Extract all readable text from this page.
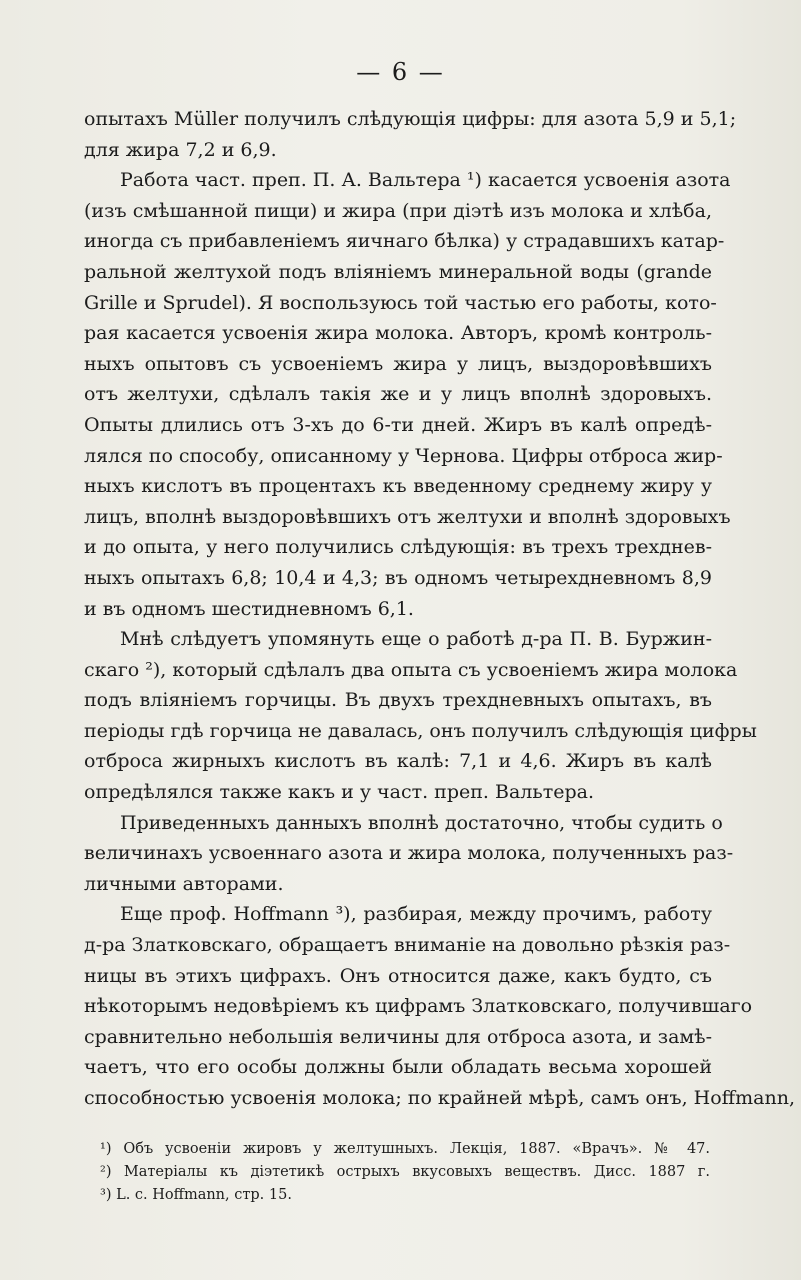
— 6 —
опытахъ Müller получилъ слѣдующія цифры: для азота 5,9 и 5,1;
для жира 7,2 и 6,9.
Работа част. преп. П. А. Вальтера ¹) касается усвоенія азота
(изъ смѣшанной пищи) и жира (при діэтѣ изъ молока и хлѣба,
иногда съ прибавленіемъ яичнаго бѣлка) у страдавшихъ катар-
ральной желтухой подъ вліяніемъ минеральной воды (grande
Grille и Sprudel). Я воспользуюсь той частью его работы, кото-
рая касается усвоенія жира молока. Авторъ, кромѣ контроль-
ныхъ опытовъ съ усвоеніемъ жира у лицъ, выздоровѣвшихъ
отъ желтухи, сдѣлалъ такія же и у лицъ вполнѣ здоровыхъ.
Опыты длились отъ 3-хъ до 6-ти дней. Жиръ въ калѣ опредѣ-
лялся по способу, описанному у Чернова. Цифры отброса жир-
ныхъ кислотъ въ процентахъ къ введенному среднему жиру у
лицъ, вполнѣ выздоровѣвшихъ отъ желтухи и вполнѣ здоровыхъ
и до опыта, у него получились слѣдующія: въ трехъ трехднев-
ныхъ опытахъ 6,8; 10,4 и 4,3; въ одномъ четырехдневномъ 8,9
и въ одномъ шестидневномъ 6,1.
Мнѣ слѣдуетъ упомянуть еще о работѣ д-ра П. В. Буржин-
скаго ²), который сдѣлалъ два опыта съ усвоеніемъ жира молока
подъ вліяніемъ горчицы. Въ двухъ трехдневныхъ опытахъ, въ
періоды гдѣ горчица не давалась, онъ получилъ слѣдующія цифры
отброса жирныхъ кислотъ въ калѣ: 7,1 и 4,6. Жиръ въ калѣ
опредѣлялся также какъ и у част. преп. Вальтера.
Приведенныхъ данныхъ вполнѣ достаточно, чтобы судить о
величинахъ усвоеннаго азота и жира молока, полученныхъ раз-
личными авторами.
Еще проф. Hoffmann ³), разбирая, между прочимъ, работу
д-ра Златковскаго, обращаетъ вниманіе на довольно рѣзкія раз-
ницы въ этихъ цифрахъ. Онъ относится даже, какъ будто, съ
нѣкоторымъ недовѣріемъ къ цифрамъ Златковскаго, получившаго
сравнительно небольшія величины для отброса азота, и замѣ-
чаетъ, что его особы должны были обладать весьма хорошей
способностью усвоенія молока; по крайней мѣрѣ, самъ онъ, Hoffmann,
¹) Объ усвоеніи жировъ у желтушныхъ. Лекція, 1887. «Врачъ». № 47.
²) Матеріалы къ діэтетикѣ острыхъ вкусовыхъ веществъ. Дисс. 1887 г.
³) L. c. Hoffmann, стр. 15.
